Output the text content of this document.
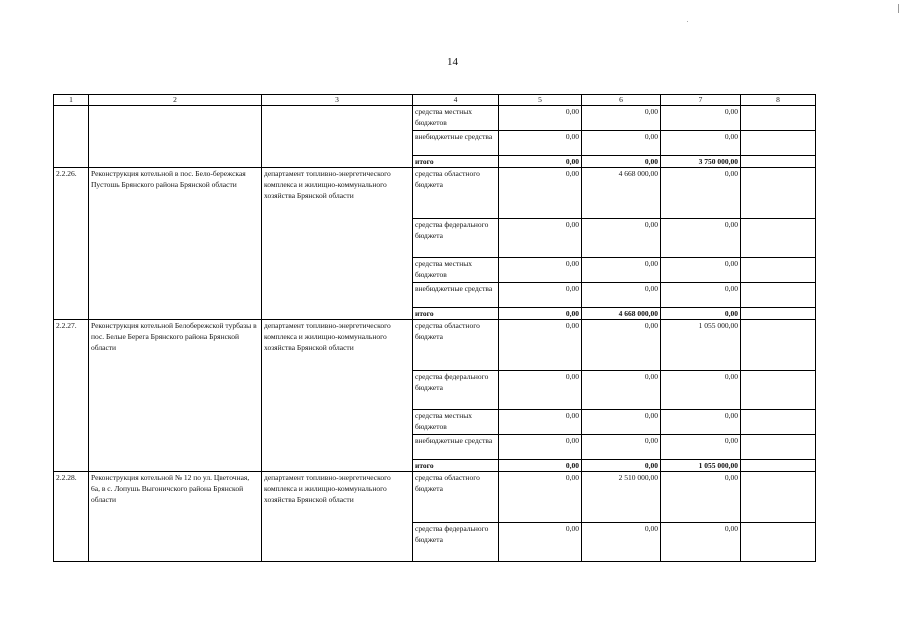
14
1	2	3	4	5	6	7	8
			средства местных бюджетов	0,00	0,00	0,00	
			внебюджетные средства	0,00	0,00	0,00	
			итого	0,00	0,00	3 750 000,00	
2.2.26.	Реконструкция котельной в пос. Бело-бережская Пустошь Брянского района Брянской области	департамент топливно-энергетического комплекса и жилищно-коммунального хозяйства Брянской области	средства областного бюджета	0,00	4 668 000,00	0,00	
			средства федерального бюджета	0,00	0,00	0,00	
			средства местных бюджетов	0,00	0,00	0,00	
			внебюджетные средства	0,00	0,00	0,00	
			итого	0,00	4 668 000,00	0,00	
2.2.27.	Реконструкция котельной Белобережской турбазы в пос. Белые Берега Брянского района Брянской области	департамент топливно-энергетического комплекса и жилищно-коммунального хозяйства Брянской области	средства областного бюджета	0,00	0,00	1 055 000,00	
			средства федерального бюджета	0,00	0,00	0,00	
			средства местных бюджетов	0,00	0,00	0,00	
			внебюджетные средства	0,00	0,00	0,00	
			итого	0,00	0,00	1 055 000,00	
2.2.28.	Реконструкция котельной № 12 по ул. Цветочная, 6а, в с. Лопушь Выгоничского района Брянской области	департамент топливно-энергетического комплекса и жилищно-коммунального хозяйства Брянской области	средства областного бюджета	0,00	2 510 000,00	0,00	
			средства федерального бюджета	0,00	0,00	0,00	
